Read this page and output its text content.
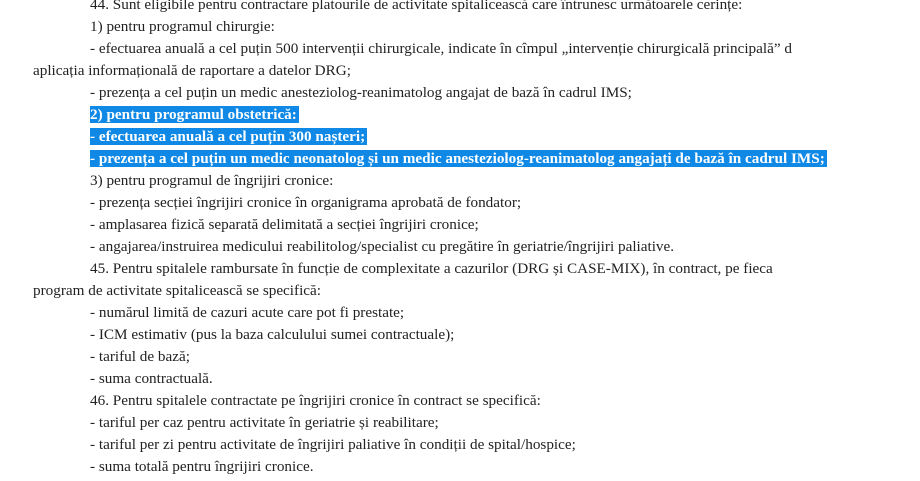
44. Sunt eligibile pentru contractare platourile de activitate spitalicească care întrunesc următoarele cerințe:
1) pentru programul chirurgie:
- efectuarea anuală a cel puțin 500 intervenții chirurgicale, indicate în cîmpul „intervenție chirurgicală principală” d
aplicația informațională de raportare a datelor DRG;
- prezența a cel puțin un medic anesteziolog-reanimatolog angajat de bază în cadrul IMS;
2) pentru programul obstetrică:
- efectuarea anuală a cel puțin 300 nașteri;
- prezența a cel puțin un medic neonatolog și un medic anesteziolog-reanimatolog angajați de bază în cadrul IMS;
3) pentru programul de îngrijiri cronice:
- prezența secției îngrijiri cronice în organigrama aprobată de fondator;
- amplasarea fizică separată delimitată a secției îngrijiri cronice;
- angajarea/instruirea medicului reabilitolog/specialist cu pregătire în geriatrie/îngrijiri paliative.
45. Pentru spitalele rambursate în funcție de complexitate a cazurilor (DRG și CASE-MIX), în contract, pe fieca
program de activitate spitalicească se specifică:
- numărul limită de cazuri acute care pot fi prestate;
- ICM estimativ (pus la baza calculului sumei contractuale);
- tariful de bază;
- suma contractuală.
46. Pentru spitalele contractate pe îngrijiri cronice în contract se specifică:
- tariful per caz pentru activitate în geriatrie și reabilitare;
- tariful per zi pentru activitate de îngrijiri paliative în condiții de spital/hospice;
- suma totală pentru îngrijiri cronice.
